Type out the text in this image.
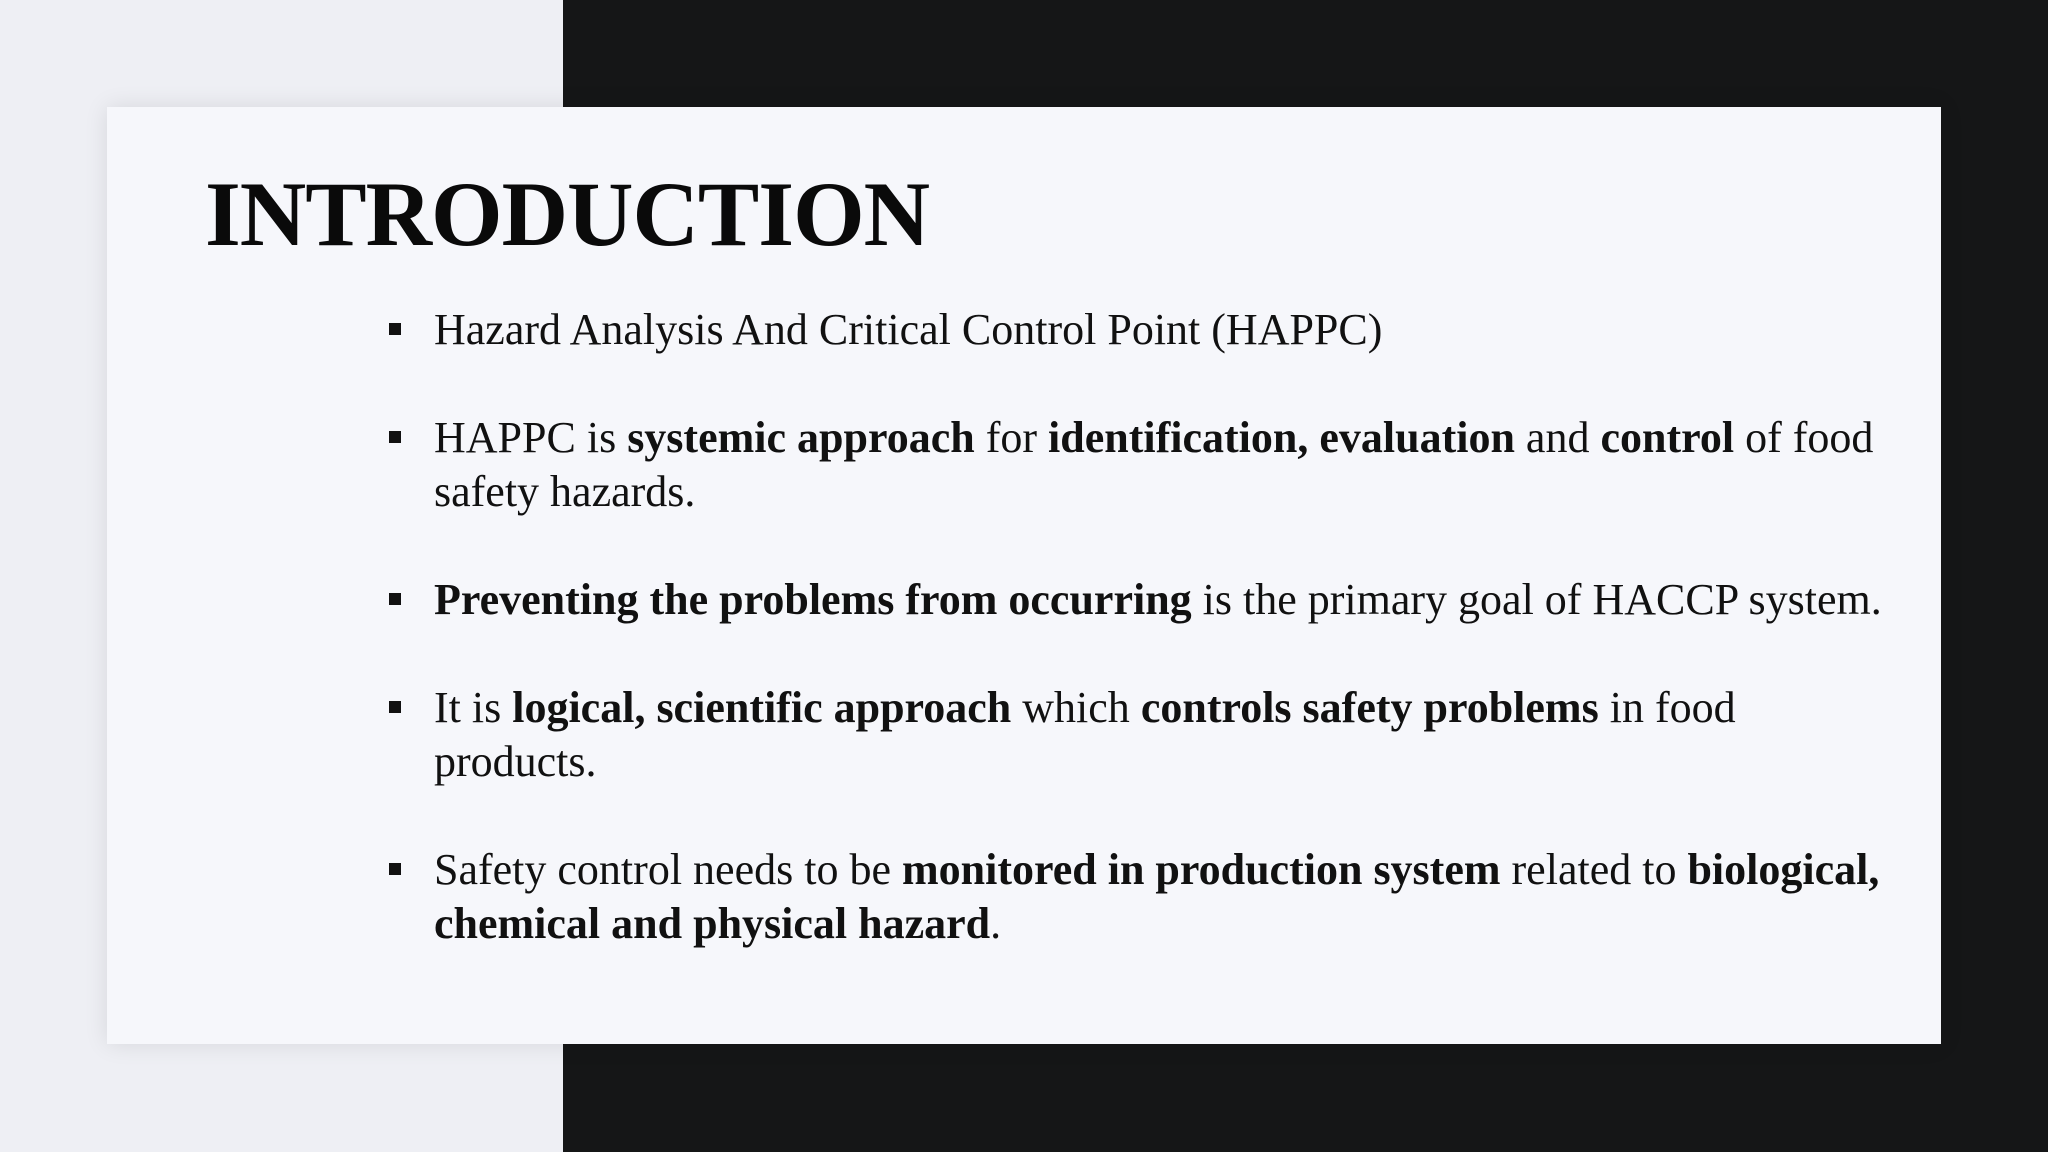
INTRODUCTION
Hazard Analysis And Critical Control Point (HAPPC)
HAPPC is systemic approach for identification, evaluation and control of food safety hazards.
Preventing the problems from occurring is the primary goal of HACCP system.
It is logical, scientific approach which controls safety problems in food products.
Safety control needs to be monitored in production system related to biological, chemical and physical hazard.
